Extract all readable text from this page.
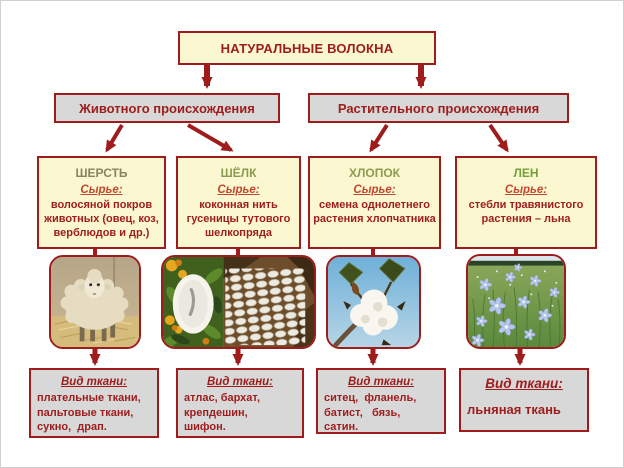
НАТУРАЛЬНЫЕ ВОЛОКНА
Животного происхождения	Растительного происхождения
ШЕРСТЬ
Сырье:
волосяной покров животных (овец, коз, верблюдов и др.)
ШЁЛК
Сырье:
коконная нить гусеницы тутового шелкопряда
ХЛОПОК
Сырье:
семена однолетнего растения хлопчатника
ЛЕН
Сырье:
стебли травянистого растения – льна
Вид ткани:
плательные ткани,
пальтовые ткани,
сукно,  драп.
Вид ткани:
атлас, бархат,
крепдешин,
шифон.
Вид ткани:
ситец,  фланель,
батист,   бязь,
сатин.
Вид ткани:
льняная ткань
